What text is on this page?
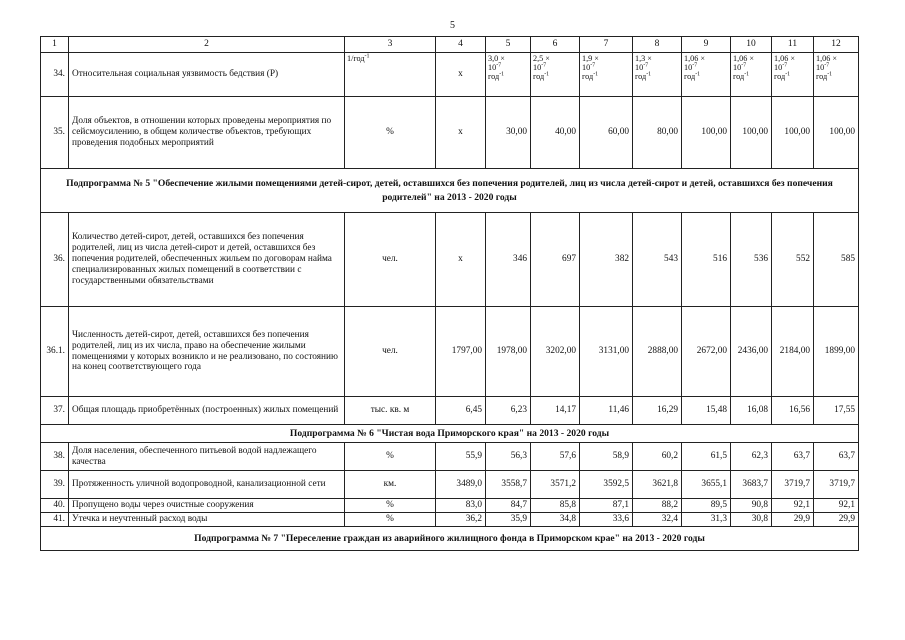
5
1	2	3	4	5	6	7	8	9	10	11	12
34.	Относительная социальная уязвимость бедствия (Р)	1/год$^{-1}$	х	3,0 ×
$10^{-7}$
год$^{-1}$	2,5 ×
$10^{-7}$
год$^{-1}$	1,9 ×
$10^{-7}$
год$^{-1}$	1,3 ×
$10^{-7}$
год$^{-1}$	1,06 ×
$10^{-7}$
год$^{-1}$	1,06 ×
$10^{-7}$
год$^{-1}$	1,06 ×
$10^{-7}$
год$^{-1}$	1,06 ×
$10^{-7}$
год$^{-1}$
35.	Доля объектов, в отношении которых проведены мероприятия по сейсмоусилению, в общем количестве объектов, требующих проведения подобных мероприятий	%	х	30,00	40,00	60,00	80,00	100,00	100,00	100,00	100,00
Подпрограмма № 5 "Обеспечение жилыми помещениями детей-сирот, детей, оставшихся без попечения родителей, лиц из числа детей-сирот и детей, оставшихся без попечения родителей" на 2013 - 2020 годы											
36.	Количество детей-сирот, детей, оставшихся без попечения родителей, лиц из числа детей-сирот и детей, оставшихся без попечения родителей, обеспеченных жильем по договорам найма специализированных жилых помещений в соответствии с государственными обязательствами	чел.	х	346	697	382	543	516	536	552	585
36.1.	Численность детей-сирот, детей, оставшихся без попечения родителей, лиц из их числа, право на обеспечение жилыми помещениями у которых возникло и не реализовано, по состоянию на конец соответствующего года	чел.	1797,00	1978,00	3202,00	3131,00	2888,00	2672,00	2436,00	2184,00	1899,00
37.	Общая площадь приобретённых (построенных) жилых помещений	тыс. кв. м	6,45	6,23	14,17	11,46	16,29	15,48	16,08	16,56	17,55
Подпрограмма № 6 "Чистая вода Приморского края" на 2013 - 2020 годы											
38.	Доля населения, обеспеченного питьевой водой надлежащего качества	%	55,9	56,3	57,6	58,9	60,2	61,5	62,3	63,7	63,7
39.	Протяженность уличной водопроводной, канализационной сети	км.	3489,0	3558,7	3571,2	3592,5	3621,8	3655,1	3683,7	3719,7	3719,7
40.	Пропущено воды через очистные сооружения	%	83,0	84,7	85,8	87,1	88,2	89,5	90,8	92,1	92,1
41.	Утечка и неучтенный расход воды	%	36,2	35,9	34,8	33,6	32,4	31,3	30,8	29,9	29,9
Подпрограмма № 7 "Переселение граждан из аварийного жилищного фонда в Приморском крае" на 2013 - 2020 годы											
